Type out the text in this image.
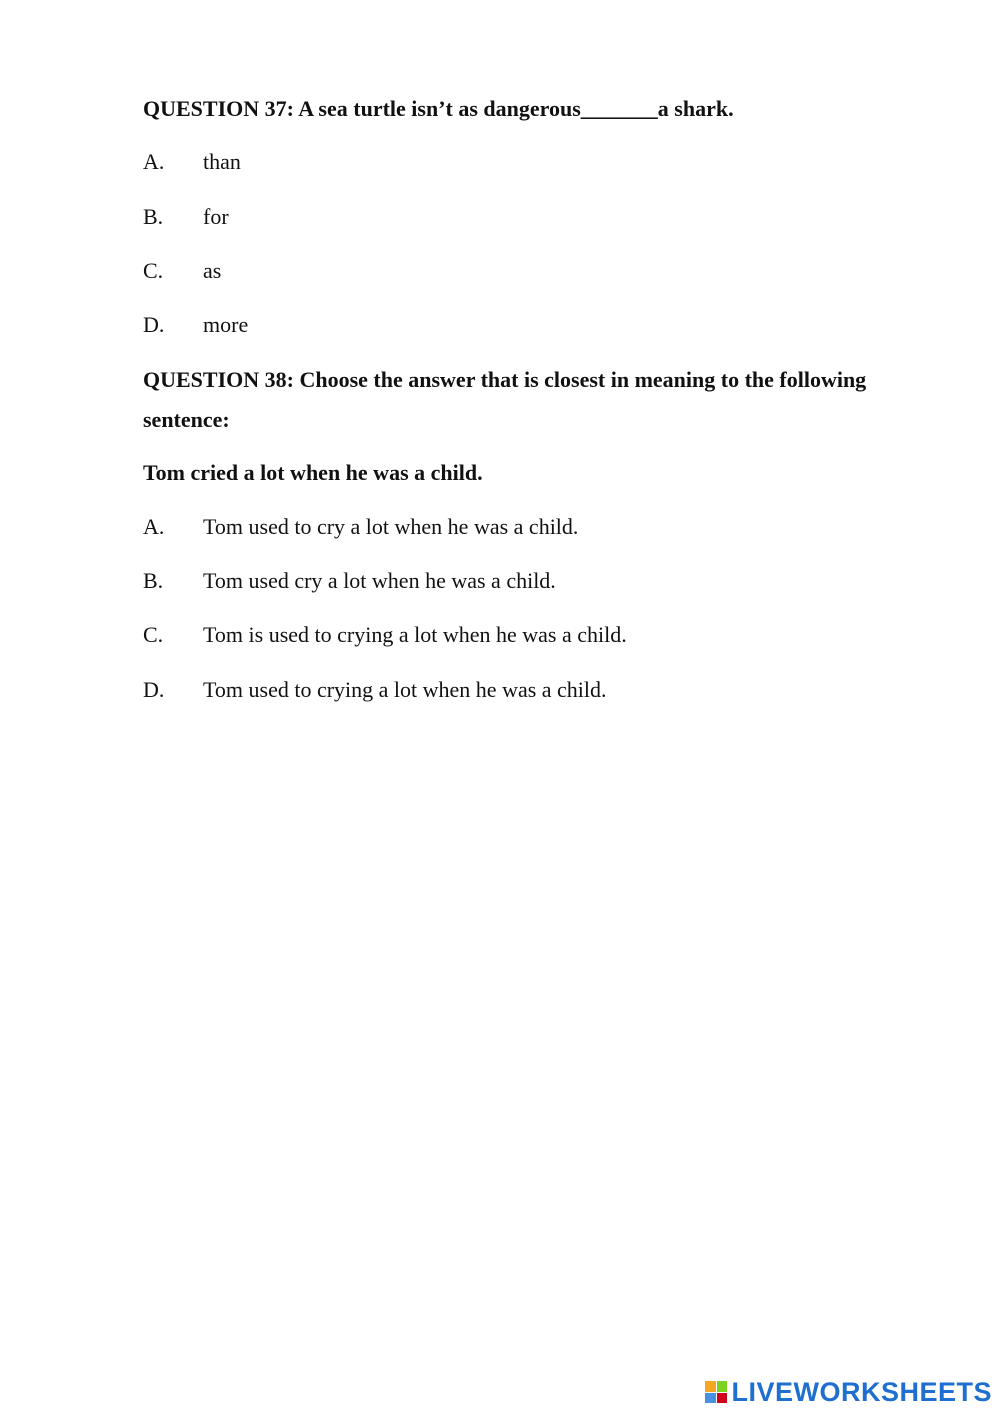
QUESTION 37: A sea turtle isn’t as dangerous_______a shark.
A. than
B. for
C. as
D. more
QUESTION 38: Choose the answer that is closest in meaning to the following sentence:
Tom cried a lot when he was a child.
A. Tom used to cry a lot when he was a child.
B. Tom used cry a lot when he was a child.
C. Tom is used to crying a lot when he was a child.
D. Tom used to crying a lot when he was a child.
LIVEWORKSHEETS
